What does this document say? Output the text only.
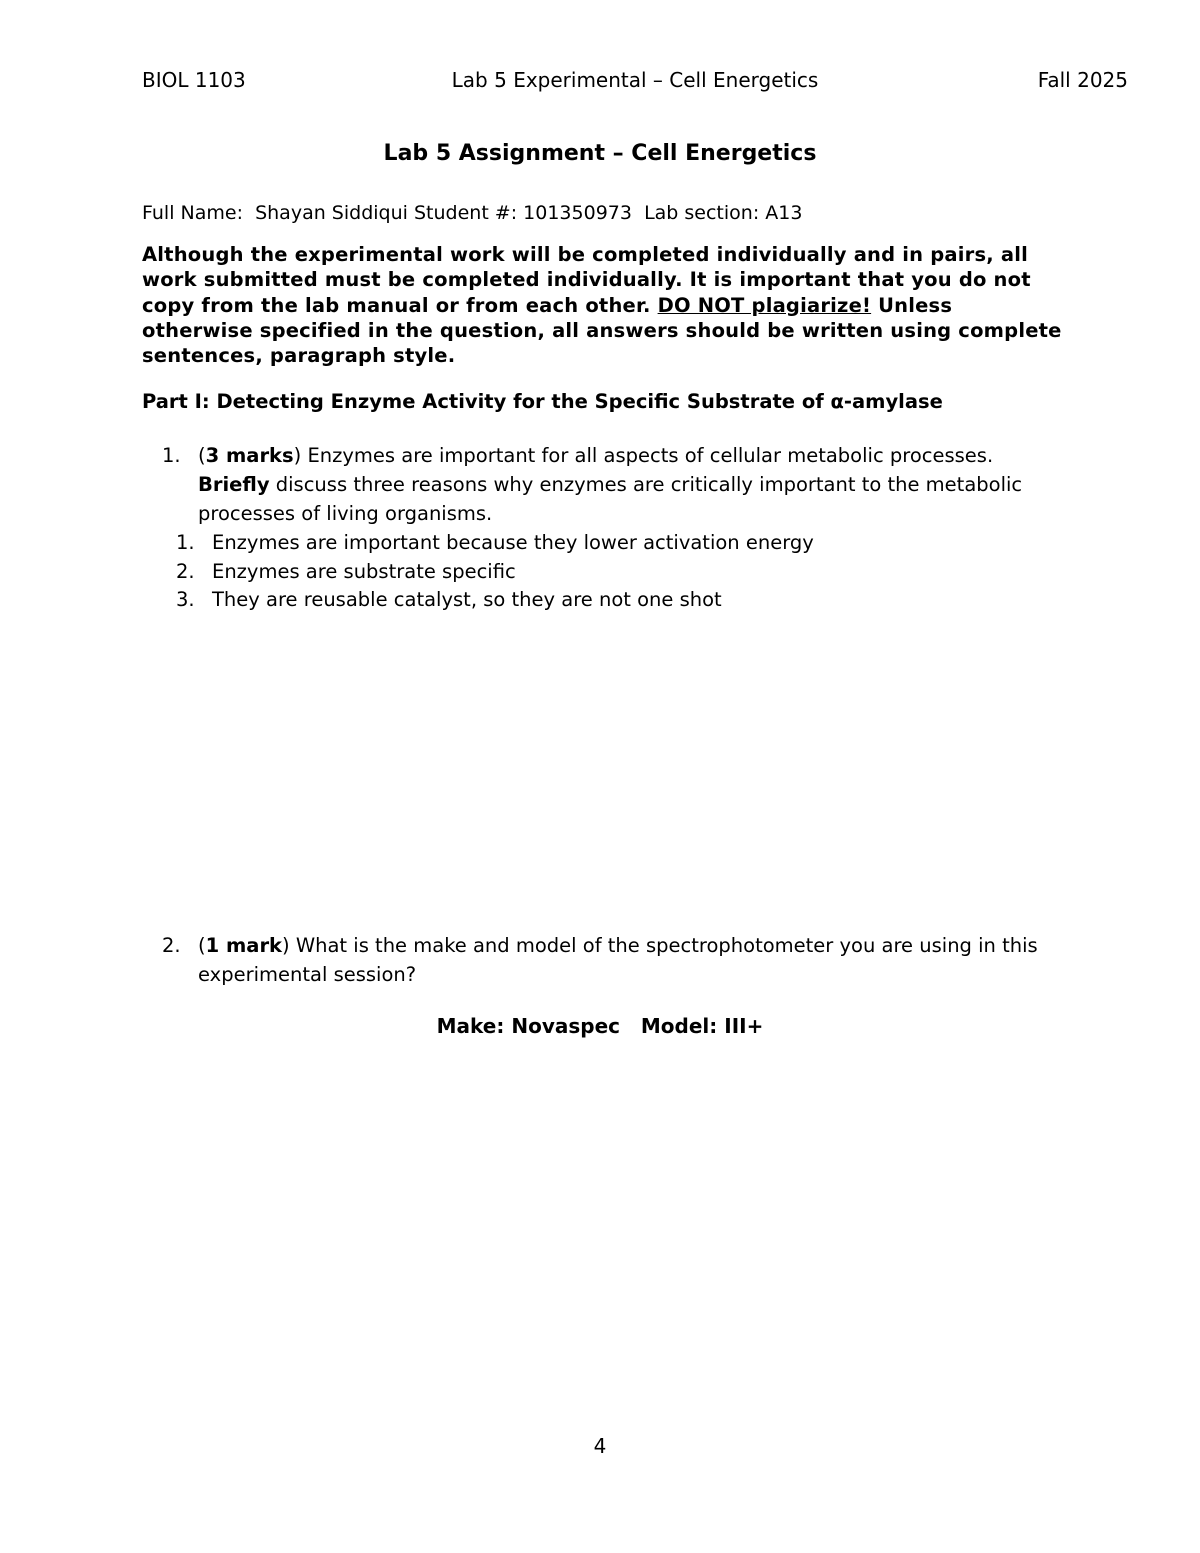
BIOL 1103	Lab 5 Experimental – Cell Energetics	Fall 2025
Lab 5 Assignment – Cell Energetics
Full Name: Shayan Siddiqui Student #: 101350973 Lab section: A13
Although the experimental work will be completed individually and in pairs, all work submitted must be completed individually. It is important that you do not copy from the lab manual or from each other. DO NOT plagiarize! Unless otherwise specified in the question, all answers should be written using complete sentences, paragraph style.
Part I: Detecting Enzyme Activity for the Specific Substrate of α-amylase
1. (3 marks) Enzymes are important for all aspects of cellular metabolic processes. Briefly discuss three reasons why enzymes are critically important to the metabolic processes of living organisms.
1. Enzymes are important because they lower activation energy
2. Enzymes are substrate specific
3. They are reusable catalyst, so they are not one shot
2. (1 mark) What is the make and model of the spectrophotometer you are using in this experimental session?
Make: Novaspec Model: III+
4
